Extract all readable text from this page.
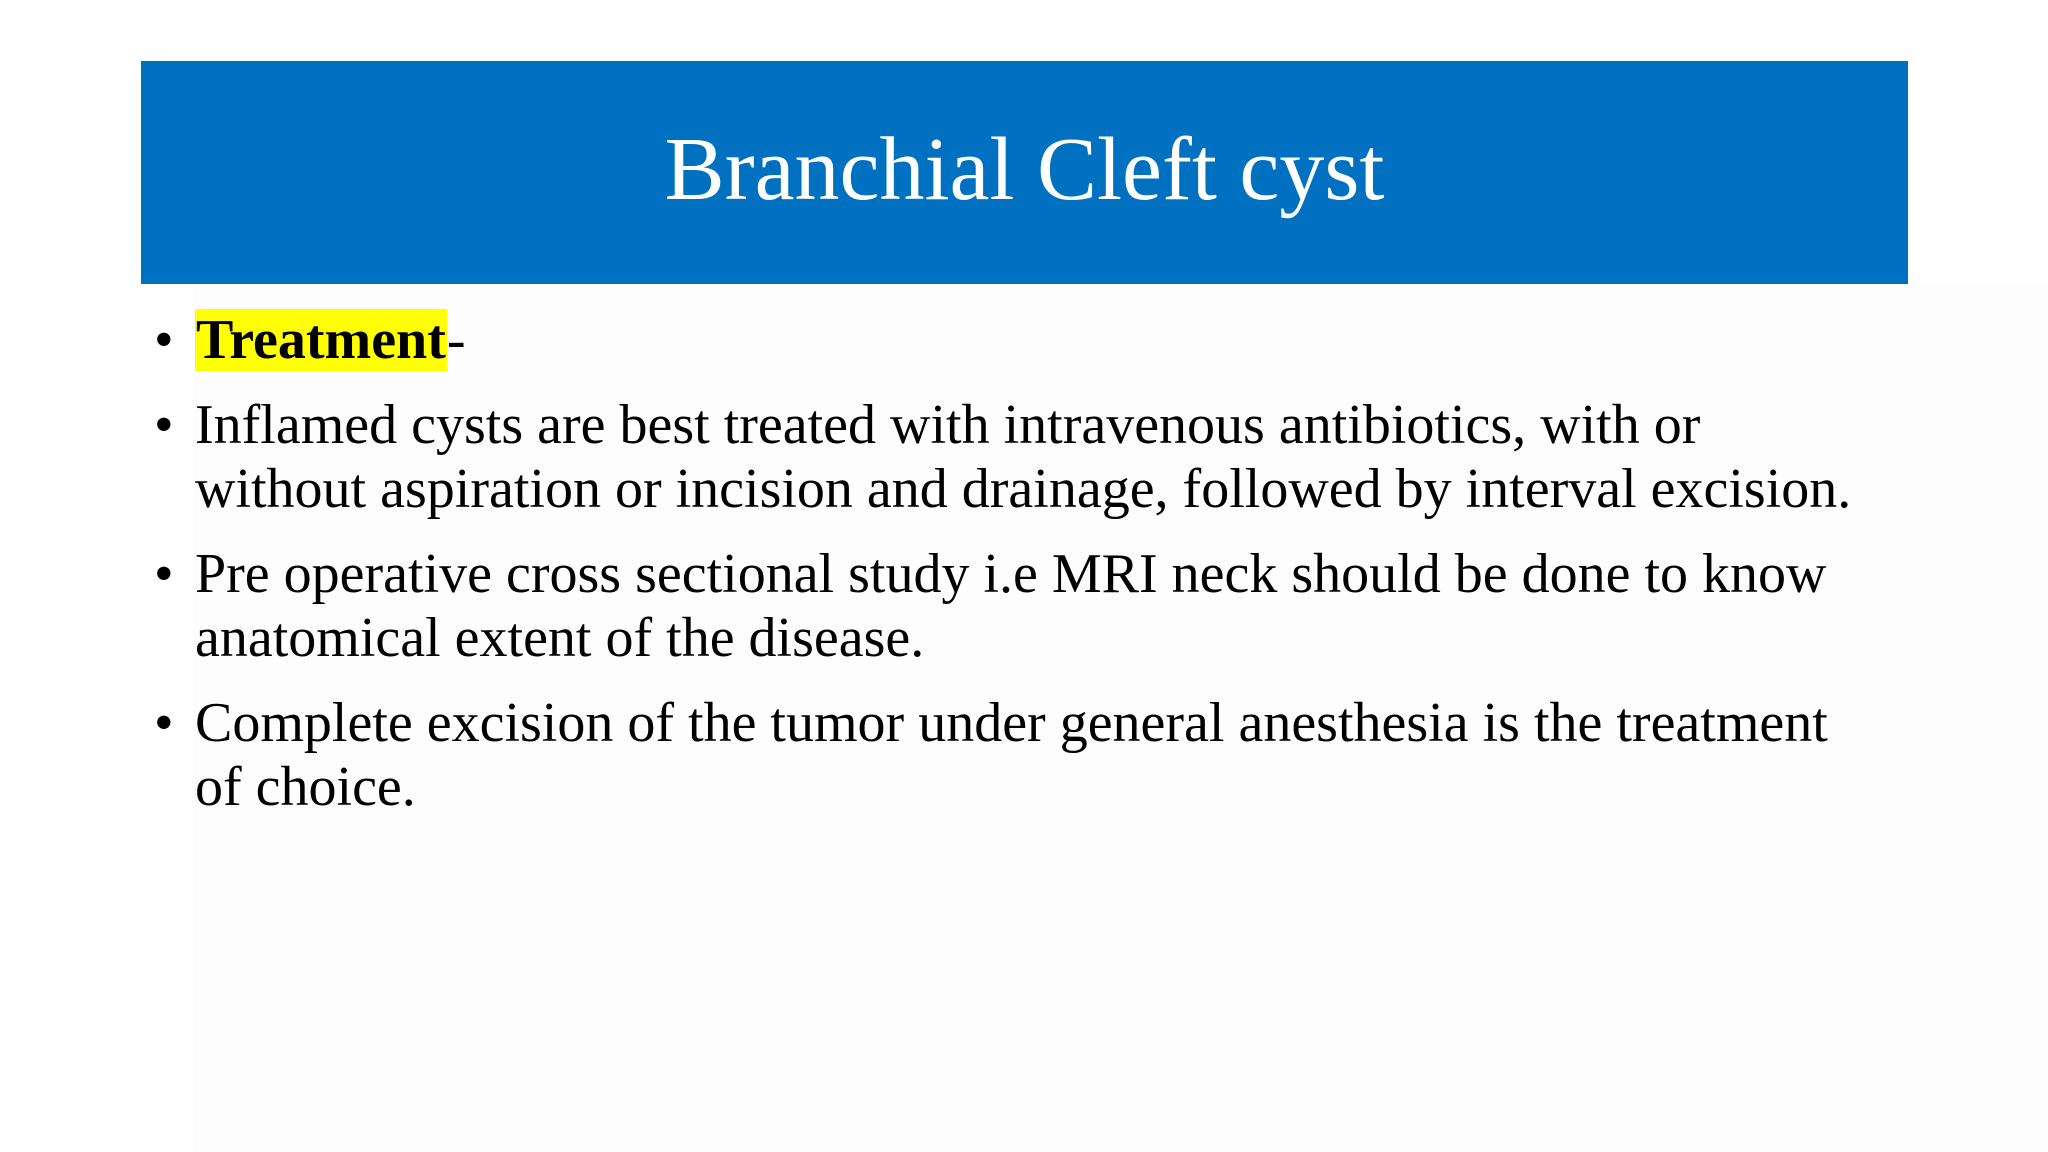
Branchial Cleft cyst
• Treatment-
• Inflamed cysts are best treated with intravenous antibiotics, with or without aspiration or incision and drainage, followed by interval excision.
• Pre operative cross sectional study i.e MRI neck should be done to know anatomical extent of the disease.
• Complete excision of the tumor under general anesthesia is the treatment of choice.
